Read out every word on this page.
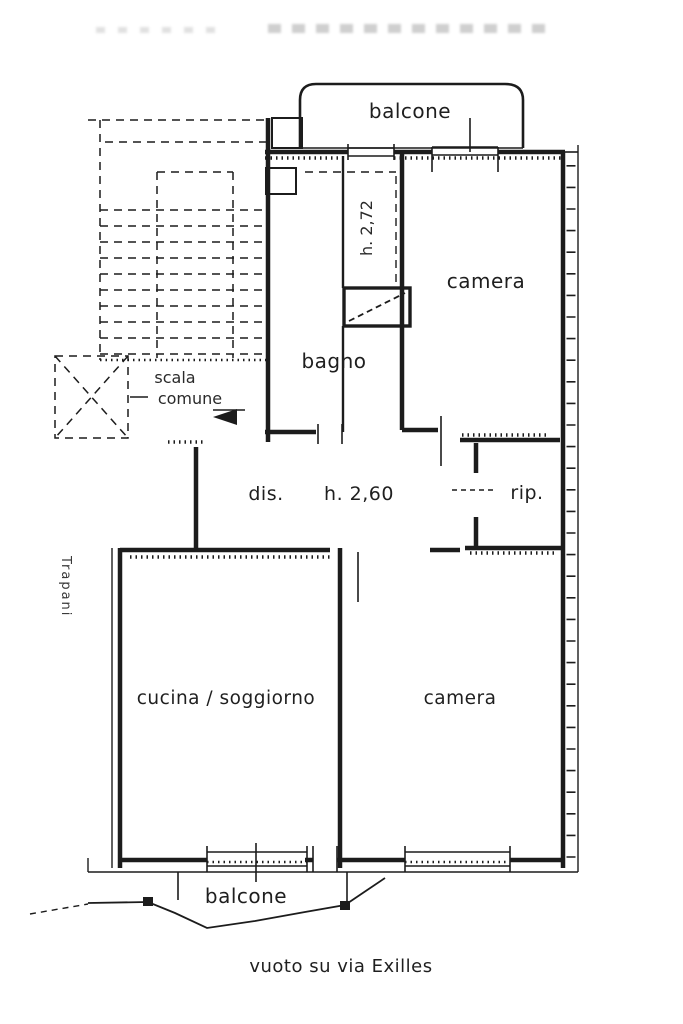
balcone
camera
bagno
h. 2,72
scala
comune
dis. h. 2,60	rip.
cucina / soggiorno	camera
balcone
vuoto su via Exilles
Trapani
